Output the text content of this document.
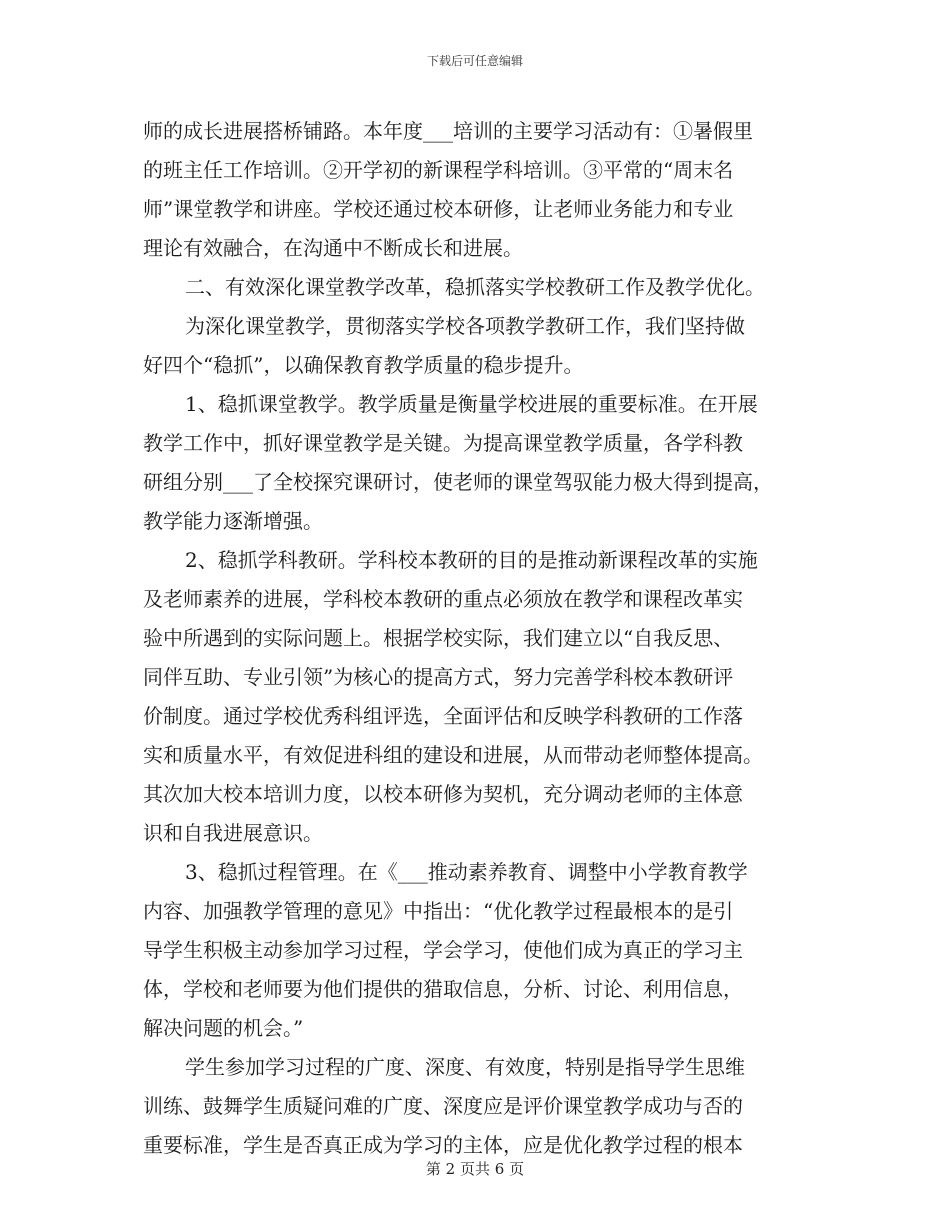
下载后可任意编辑
师的成长进展搭桥铺路。本年度___培训的主要学习活动有：①暑假里
的班主任工作培训。②开学初的新课程学科培训。③平常的“周末名
师”课堂教学和讲座。学校还通过校本研修，让老师业务能力和专业
理论有效融合，在沟通中不断成长和进展。
二、有效深化课堂教学改革，稳抓落实学校教研工作及教学优化。
为深化课堂教学，贯彻落实学校各项教学教研工作，我们坚持做
好四个“稳抓”，以确保教育教学质量的稳步提升。
1、稳抓课堂教学。教学质量是衡量学校进展的重要标准。在开展
教学工作中，抓好课堂教学是关键。为提高课堂教学质量，各学科教
研组分别___了全校探究课研讨，使老师的课堂驾驭能力极大得到提高，
教学能力逐渐增强。
2、稳抓学科教研。学科校本教研的目的是推动新课程改革的实施
及老师素养的进展，学科校本教研的重点必须放在教学和课程改革实
验中所遇到的实际问题上。根据学校实际，我们建立以“自我反思、
同伴互助、专业引领”为核心的提高方式，努力完善学科校本教研评
价制度。通过学校优秀科组评选，全面评估和反映学科教研的工作落
实和质量水平，有效促进科组的建设和进展，从而带动老师整体提高。
其次加大校本培训力度，以校本研修为契机，充分调动老师的主体意
识和自我进展意识。
3、稳抓过程管理。在《___推动素养教育、调整中小学教育教学
内容、加强教学管理的意见》中指出：“优化教学过程最根本的是引
导学生积极主动参加学习过程，学会学习，使他们成为真正的学习主
体，学校和老师要为他们提供的猎取信息，分析、讨论、利用信息，
解决问题的机会。”
学生参加学习过程的广度、深度、有效度，特别是指导学生思维
训练、鼓舞学生质疑问难的广度、深度应是评价课堂教学成功与否的
重要标准，学生是否真正成为学习的主体，应是优化教学过程的根本
第 2 页共 6 页
